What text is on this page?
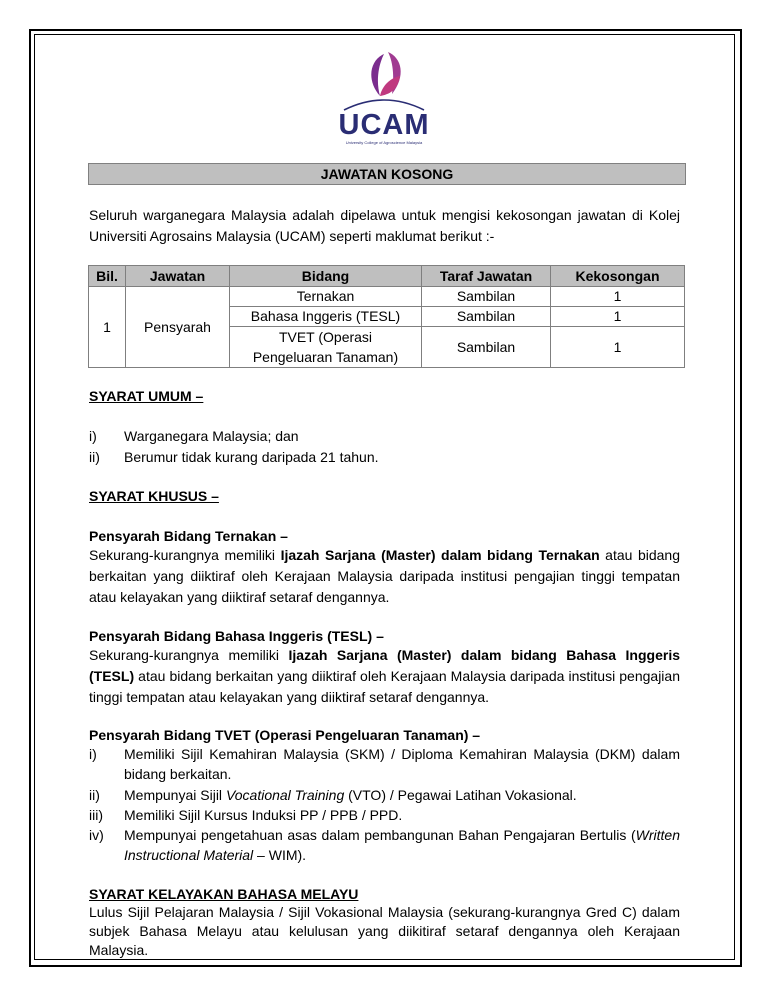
UCAM
University College of Agroscience Malaysia
JAWATAN KOSONG
Seluruh warganegara Malaysia adalah dipelawa untuk mengisi kekosongan jawatan di Kolej Universiti Agrosains Malaysia (UCAM) seperti maklumat berikut :-
Bil.	Jawatan	Bidang	Taraf Jawatan	Kekosongan
1	Pensyarah	Ternakan	Sambilan	1
		Bahasa Inggeris (TESL)	Sambilan	1
		TVET (Operasi
Pengeluaran Tanaman)	Sambilan	1
SYARAT UMUM –
i) Warganegara Malaysia; dan
ii) Berumur tidak kurang daripada 21 tahun.
SYARAT KHUSUS –
Pensyarah Bidang Ternakan –
Sekurang-kurangnya memiliki Ijazah Sarjana (Master) dalam bidang Ternakan atau bidang berkaitan yang diiktiraf oleh Kerajaan Malaysia daripada institusi pengajian tinggi tempatan atau kelayakan yang diiktiraf setaraf dengannya.
Pensyarah Bidang Bahasa Inggeris (TESL) –
Sekurang-kurangnya memiliki Ijazah Sarjana (Master) dalam bidang Bahasa Inggeris (TESL) atau bidang berkaitan yang diiktiraf oleh Kerajaan Malaysia daripada institusi pengajian tinggi tempatan atau kelayakan yang diiktiraf setaraf dengannya.
Pensyarah Bidang TVET (Operasi Pengeluaran Tanaman) –
i) Memiliki Sijil Kemahiran Malaysia (SKM) / Diploma Kemahiran Malaysia (DKM) dalam bidang berkaitan.
ii) Mempunyai Sijil Vocational Training (VTO) / Pegawai Latihan Vokasional.
iii) Memiliki Sijil Kursus Induksi PP / PPB / PPD.
iv) Mempunyai pengetahuan asas dalam pembangunan Bahan Pengajaran Bertulis (Written Instructional Material – WIM).
SYARAT KELAYAKAN BAHASA MELAYU
Lulus Sijil Pelajaran Malaysia / Sijil Vokasional Malaysia (sekurang-kurangnya Gred C) dalam subjek Bahasa Melayu atau kelulusan yang diikitiraf setaraf dengannya oleh Kerajaan Malaysia.
